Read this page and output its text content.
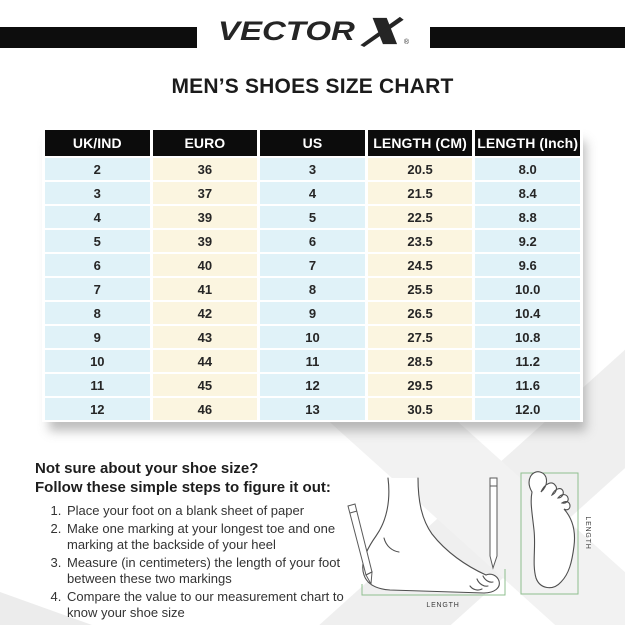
VECTOR	®
MEN’S SHOES SIZE CHART
UK/IND	EURO	US	LENGTH (CM)	LENGTH (Inch)
2	36	3	20.5	8.0
3	37	4	21.5	8.4
4	39	5	22.5	8.8
5	39	6	23.5	9.2
6	40	7	24.5	9.6
7	41	8	25.5	10.0
8	42	9	26.5	10.4
9	43	10	27.5	10.8
10	44	11	28.5	11.2
11	45	12	29.5	11.6
12	46	13	30.5	12.0
Not sure about your shoe size?
Follow these simple steps to figure it out:
1. Place your foot on a blank sheet of paper
2. Make one marking at your longest toe and one marking at the backside of your heel
3. Measure (in centimeters) the length of your foot between these two markings
4. Compare the value to our measurement chart to know your shoe size	LENGTH
LENGTH
